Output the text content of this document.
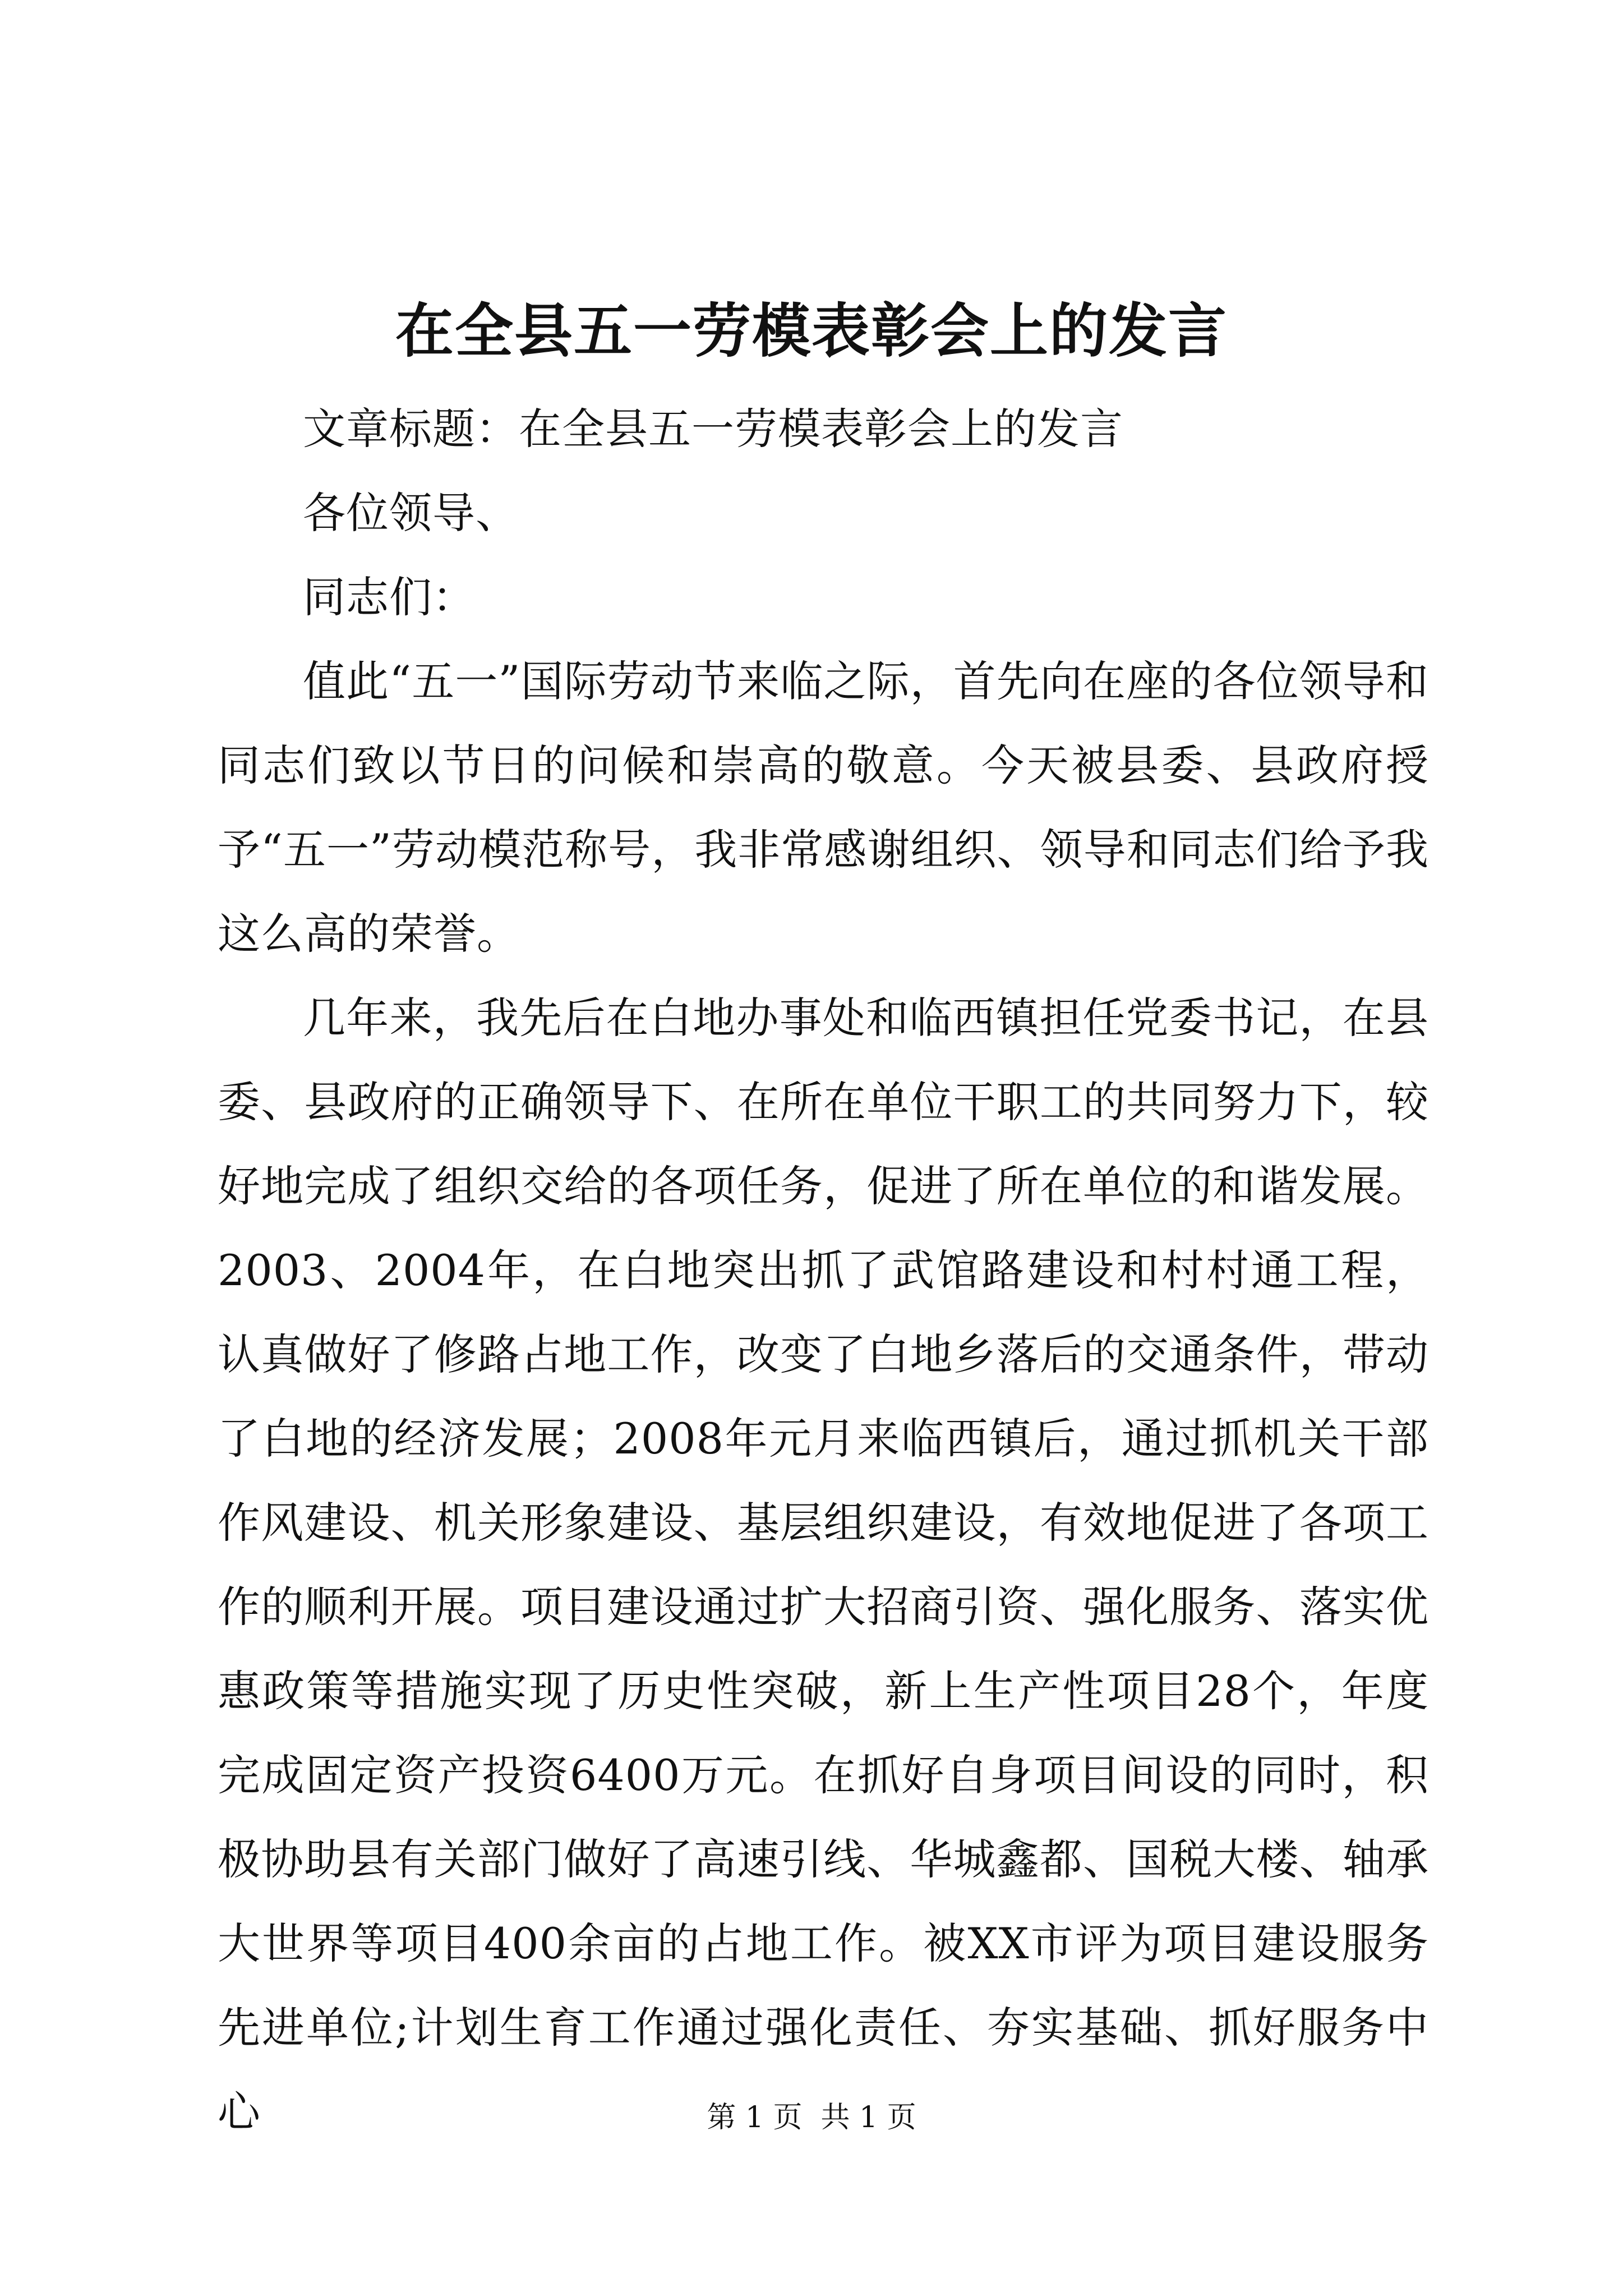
在全县五一劳模表彰会上的发言

文章标题：在全县五一劳模表彰会上的发言

各位领导、

同志们：

值此“五一”国际劳动节来临之际，首先向在座的各位领导和同志们致以节日的问候和崇高的敬意。今天被县委、县政府授予“五一”劳动模范称号，我非常感谢组织、领导和同志们给予我这么高的荣誉。

几年来，我先后在白地办事处和临西镇担任党委书记，在县委、县政府的正确领导下、在所在单位干职工的共同努力下，较好地完成了组织交给的各项任务，促进了所在单位的和谐发展。2003、2004年，在白地突出抓了武馆路建设和村村通工程，认真做好了修路占地工作，改变了白地乡落后的交通条件，带动了白地的经济发展；2008年元月来临西镇后，通过抓机关干部作风建设、机关形象建设、基层组织建设，有效地促进了各项工作的顺利开展。项目建设通过扩大招商引资、强化服务、落实优惠政策等措施实现了历史性突破，新上生产性项目28个，年度完成固定资产投资6400万元。在抓好自身项目间设的同时，积极协助县有关部门做好了高速引线、华城鑫都、国税大楼、轴承大世界等项目400余亩的占地工作。被XX市评为项目建设服务先进单位;计划生育工作通过强化责任、夯实基础、抓好服务中心	第 1 页  共 1 页
